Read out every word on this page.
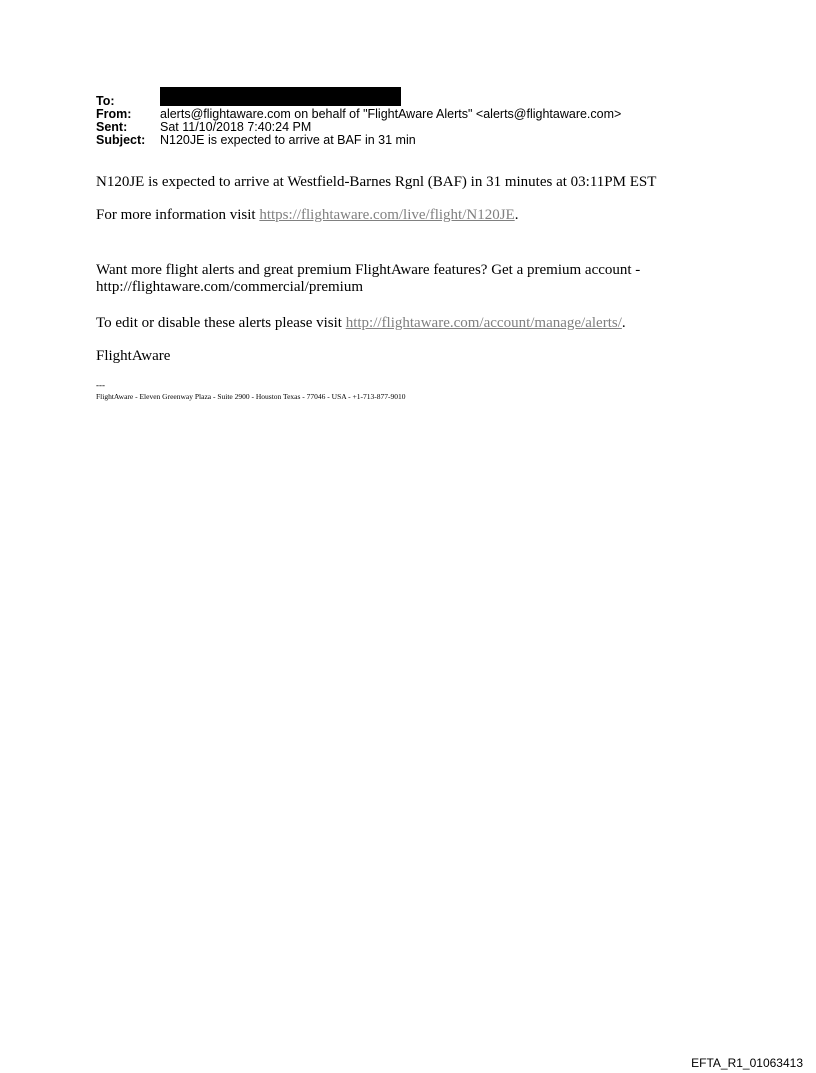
To:
From:	alerts@flightaware.com on behalf of "FlightAware Alerts" <alerts@flightaware.com>
Sent:	Sat 11/10/2018 7:40:24 PM
Subject:	N120JE is expected to arrive at BAF in 31 min
N120JE is expected to arrive at Westfield-Barnes Rgnl (BAF) in 31 minutes at 03:11PM EST
For more information visit https://flightaware.com/live/flight/N120JE.
Want more flight alerts and great premium FlightAware features? Get a premium account - http://flightaware.com/commercial/premium
To edit or disable these alerts please visit http://flightaware.com/account/manage/alerts/.
FlightAware
---
FlightAware - Eleven Greenway Plaza - Suite 2900 - Houston Texas - 77046 - USA - +1-713-877-9010
EFTA_R1_01063413
